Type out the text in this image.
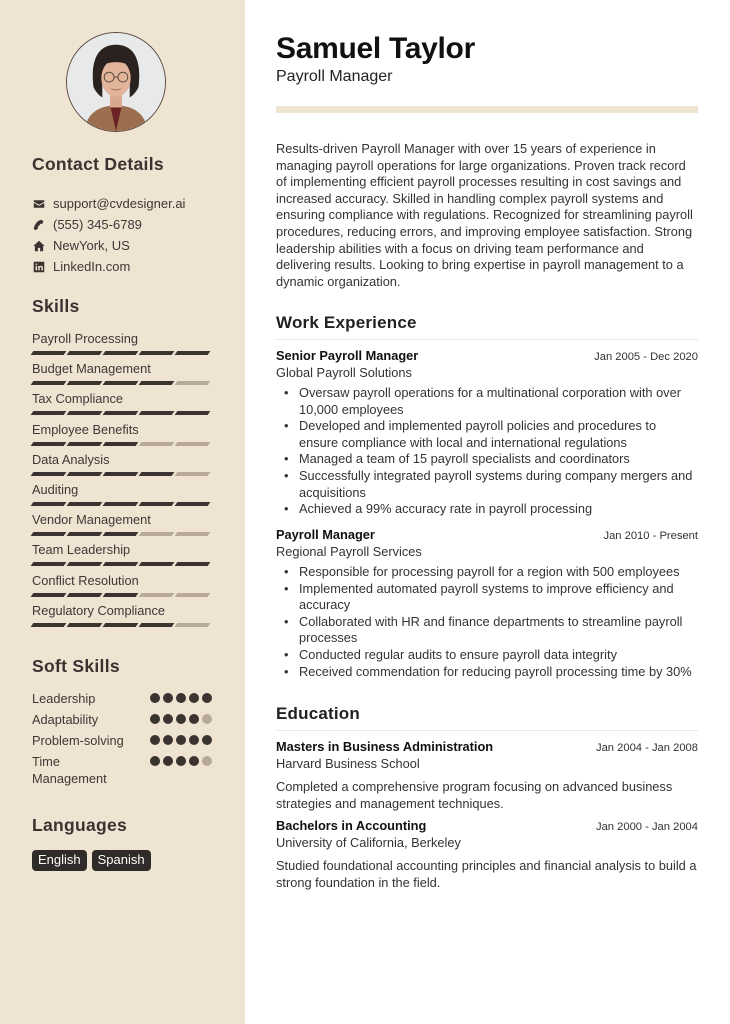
Contact Details
support@cvdesigner.ai
(555) 345-6789
NewYork, US
LinkedIn.com
Skills
Payroll Processing
Budget Management
Tax Compliance
Employee Benefits
Data Analysis
Auditing
Vendor Management
Team Leadership
Conflict Resolution
Regulatory Compliance
Soft Skills
Leadership
Adaptability
Problem-solving
Time Management
Languages
English	Spanish
Samuel Taylor
Payroll Manager

Results-driven Payroll Manager with over 15 years of experience in managing payroll operations for large organizations. Proven track record of implementing efficient payroll processes resulting in cost savings and increased accuracy. Skilled in handling complex payroll systems and ensuring compliance with regulations. Recognized for streamlining payroll procedures, reducing errors, and improving employee satisfaction. Strong leadership abilities with a focus on driving team performance and delivering results. Looking to bring expertise in payroll management to a dynamic organization.

Work Experience
Senior Payroll Manager	Jan 2005 - Dec 2020
Global Payroll Solutions
• Oversaw payroll operations for a multinational corporation with over 10,000 employees
• Developed and implemented payroll policies and procedures to ensure compliance with local and international regulations
• Managed a team of 15 payroll specialists and coordinators
• Successfully integrated payroll systems during company mergers and acquisitions
• Achieved a 99% accuracy rate in payroll processing
Payroll Manager	Jan 2010 - Present
Regional Payroll Services
• Responsible for processing payroll for a region with 500 employees
• Implemented automated payroll systems to improve efficiency and accuracy
• Collaborated with HR and finance departments to streamline payroll processes
• Conducted regular audits to ensure payroll data integrity
• Received commendation for reducing payroll processing time by 30%
Education
Masters in Business Administration	Jan 2004 - Jan 2008
Harvard Business School

Completed a comprehensive program focusing on advanced business strategies and management techniques.

Bachelors in Accounting	Jan 2000 - Jan 2004
University of California, Berkeley

Studied foundational accounting principles and financial analysis to build a strong foundation in the field.
